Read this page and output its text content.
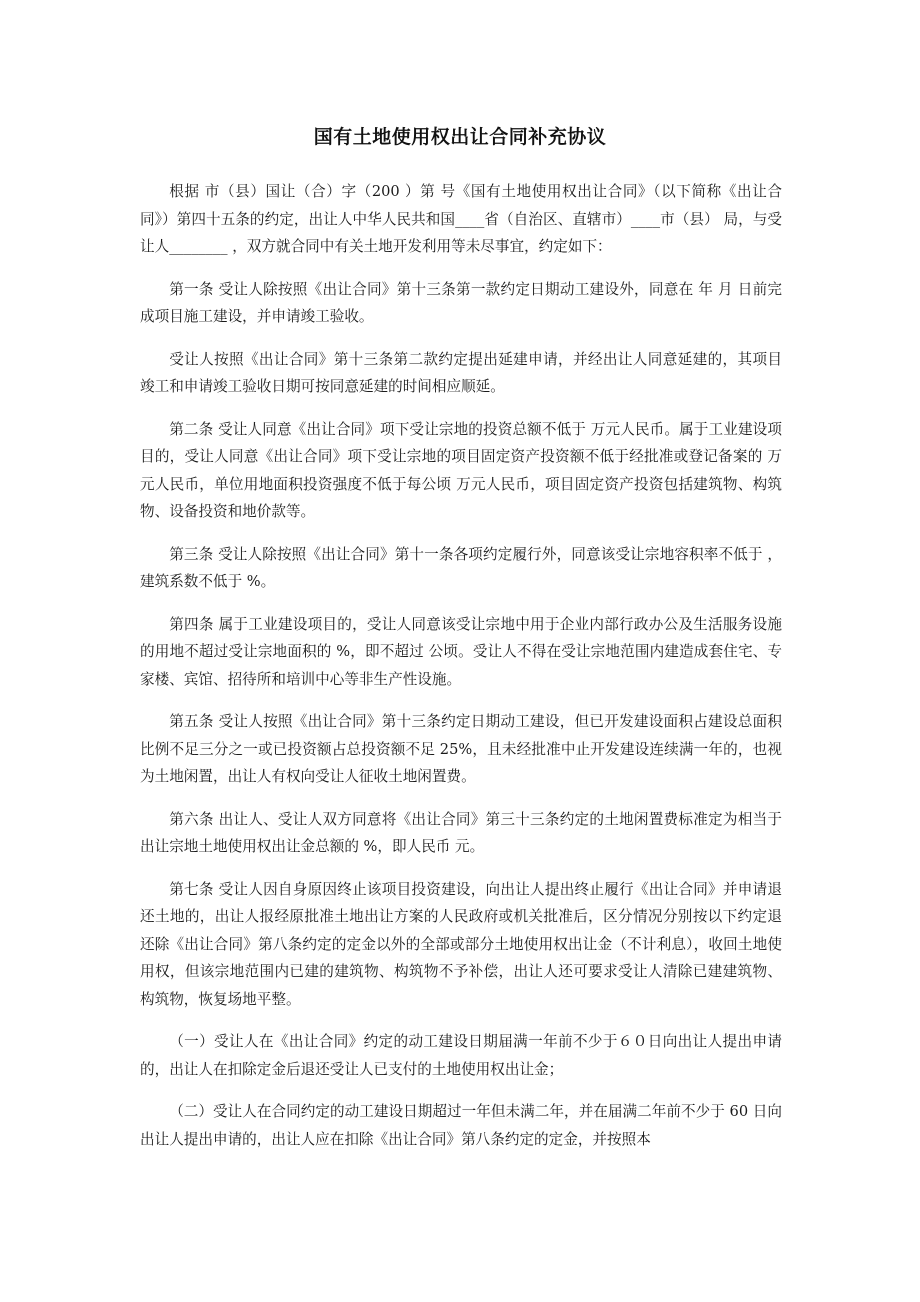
国有土地使用权出让合同补充协议

根据 市（县）国让（合）字（200 ）第 号《国有土地使用权出让合同》（以下简称《出让合同》）第四十五条的约定，出让人中华人民共和国____省（自治区、直辖市）____市（县） 局，与受让人________ ，双方就合同中有关土地开发利用等未尽事宜，约定如下：

第一条 受让人除按照《出让合同》第十三条第一款约定日期动工建设外，同意在 年 月 日前完成项目施工建设，并申请竣工验收。

受让人按照《出让合同》第十三条第二款约定提出延建申请，并经出让人同意延建的，其项目竣工和申请竣工验收日期可按同意延建的时间相应顺延。

第二条 受让人同意《出让合同》项下受让宗地的投资总额不低于 万元人民币。属于工业建设项目的，受让人同意《出让合同》项下受让宗地的项目固定资产投资额不低于经批准或登记备案的 万元人民币，单位用地面积投资强度不低于每公顷 万元人民币，项目固定资产投资包括建筑物、构筑物、设备投资和地价款等。

第三条 受让人除按照《出让合同》第十一条各项约定履行外，同意该受让宗地容积率不低于 ，建筑系数不低于 %。

第四条 属于工业建设项目的，受让人同意该受让宗地中用于企业内部行政办公及生活服务设施的用地不超过受让宗地面积的 %，即不超过 公顷。受让人不得在受让宗地范围内建造成套住宅、专家楼、宾馆、招待所和培训中心等非生产性设施。

第五条 受让人按照《出让合同》第十三条约定日期动工建设，但已开发建设面积占建设总面积比例不足三分之一或已投资额占总投资额不足 25%，且未经批准中止开发建设连续满一年的，也视为土地闲置，出让人有权向受让人征收土地闲置费。

第六条 出让人、受让人双方同意将《出让合同》第三十三条约定的土地闲置费标准定为相当于出让宗地土地使用权出让金总额的 %，即人民币 元。

第七条 受让人因自身原因终止该项目投资建设，向出让人提出终止履行《出让合同》并申请退还土地的，出让人报经原批准土地出让方案的人民政府或机关批准后，区分情况分别按以下约定退还除《出让合同》第八条约定的定金以外的全部或部分土地使用权出让金（不计利息），收回土地使用权，但该宗地范围内已建的建筑物、构筑物不予补偿，出让人还可要求受让人清除已建建筑物、构筑物，恢复场地平整。

（一）受让人在《出让合同》约定的动工建设日期届满一年前不少于６０日向出让人提出申请的，出让人在扣除定金后退还受让人已支付的土地使用权出让金；

（二）受让人在合同约定的动工建设日期超过一年但未满二年，并在届满二年前不少于 60 日向出让人提出申请的，出让人应在扣除《出让合同》第八条约定的定金，并按照本
